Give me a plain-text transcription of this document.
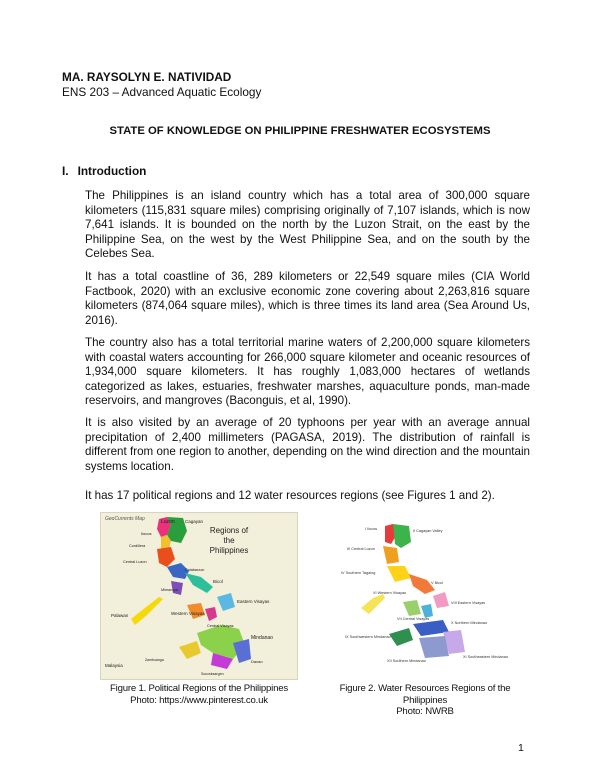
MA. RAYSOLYN E. NATIVIDAD
ENS 203 – Advanced Aquatic Ecology
STATE OF KNOWLEDGE ON PHILIPPINE FRESHWATER ECOSYSTEMS
I. Introduction

The Philippines is an island country which has a total area of 300,000 square kilometers (115,831 square miles) comprising originally of 7,107 islands, which is now 7,641 islands. It is bounded on the north by the Luzon Strait, on the east by the Philippine Sea, on the west by the West Philippine Sea, and on the south by the Celebes Sea.

It has a total coastline of 36, 289 kilometers or 22,549 square miles (CIA World Factbook, 2020) with an exclusive economic zone covering about 2,263,816 square kilometers (874,064 square miles), which is three times its land area (Sea Around Us, 2016).

The country also has a total territorial marine waters of 2,200,000 square kilometers with coastal waters accounting for 266,000 square kilometer and oceanic resources of 1,934,000 square kilometers. It has roughly 1,083,000 hectares of wetlands categorized as lakes, estuaries, freshwater marshes, aquaculture ponds, man-made reservoirs, and mangroves (Baconguis, et al, 1990).

It is also visited by an average of 20 typhoons per year with an average annual precipitation of 2,400 millimeters (PAGASA, 2019). The distribution of rainfall is different from one region to another, depending on the wind direction and the mountain systems location.

It has 17 political regions and 12 water resources regions (see Figures 1 and 2).

GeoCurrents Map
Regions of
the
Philippines
Luzon Cagayan
Ilocos
Cordillera
Central Luzon
Bicol
Calabarzon
Mimaropa
Eastern Visayas
Western Visayas
Central Visayas
Mindanao
Palawan
Malaysia
Zamboanga	Davao
Soccsksargen
Figure 1. Political Regions of the Philippines
Photo: https://www.pinterest.co.uk
I Ilocos	II Cagayan Valley
III Central Luzon
IV Southern Tagalog
V Bicol
VI Western Visayas
VII Central Visayas
VIII Eastern Visayas
IX Southwestern Mindanao
X Northern Mindanao
XI Southeastern Mindanao
XII Southern Mindanao
Figure 2. Water Resources Regions of the Philippines
Photo: NWRB
1
